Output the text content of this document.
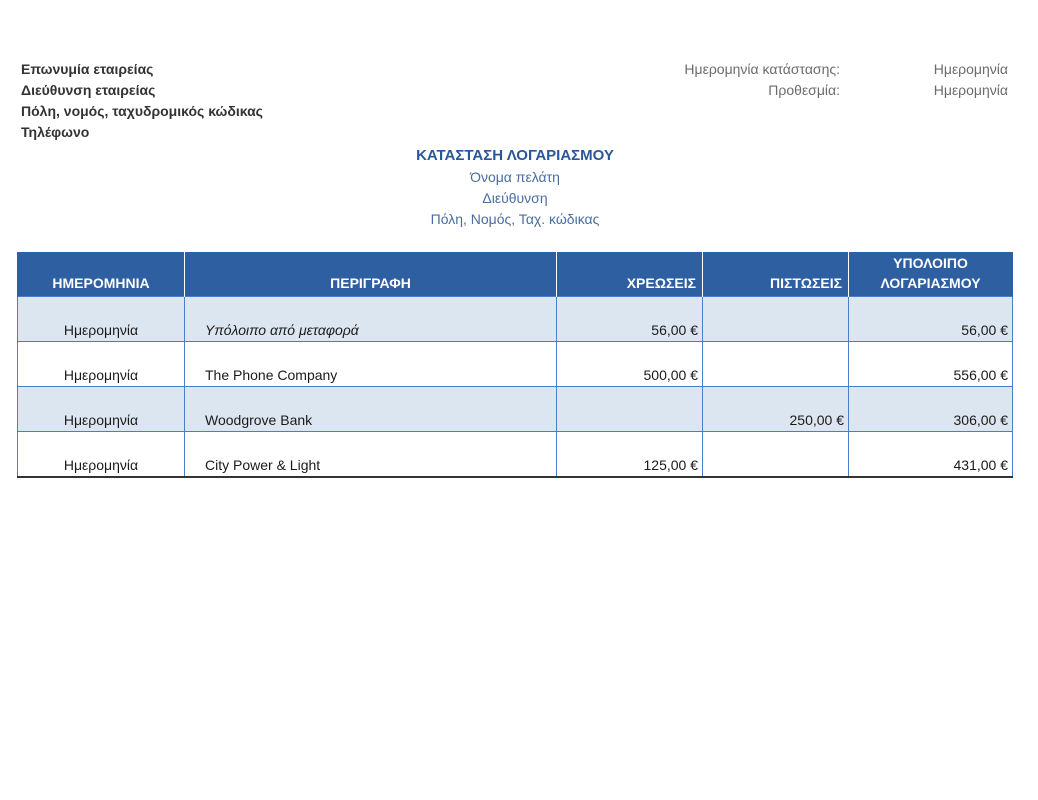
Επωνυμία εταιρείας
Διεύθυνση εταιρείας
Πόλη, νομός, ταχυδρομικός κώδικας
Τηλέφωνο
Ημερομηνία κατάστασης:	Ημερομηνία
Προθεσμία:	Ημερομηνία
ΚΑΤΑΣΤΑΣΗ ΛΟΓΑΡΙΑΣΜΟΥ
Όνομα πελάτη
Διεύθυνση
Πόλη, Νομός, Ταχ. κώδικας
ΗΜΕΡΟΜΗΝΙΑ	ΠΕΡΙΓΡΑΦΗ	ΧΡΕΩΣΕΙΣ	ΠΙΣΤΩΣΕΙΣ	ΥΠΟΛΟΙΠΟ ΛΟΓΑΡΙΑΣΜΟΥ
Ημερομηνία	Υπόλοιπο από μεταφορά	56,00 €		56,00 €
Ημερομηνία	The Phone Company	500,00 €		556,00 €
Ημερομηνία	Woodgrove Bank		250,00 €	306,00 €
Ημερομηνία	City Power & Light	125,00 €		431,00 €
